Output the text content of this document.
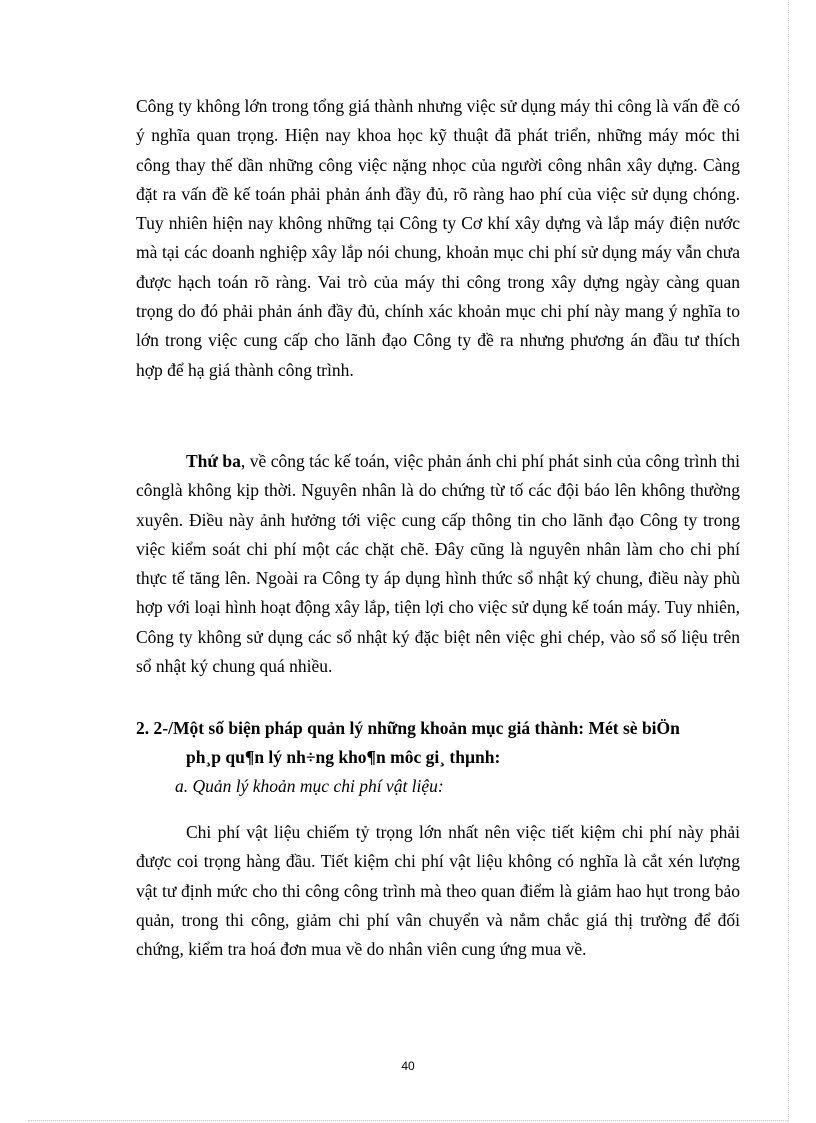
Công ty không lớn trong tổng giá thành nhưng việc sử dụng máy thi công là vấn đề có ý nghĩa quan trọng. Hiện nay khoa học kỹ thuật đã phát triển, những máy móc thi công thay thế dần những công việc nặng nhọc của người công nhân xây dựng. Càng đặt ra vấn đề kế toán phải phản ánh đầy đủ, rõ ràng hao phí của việc sử dụng chóng. Tuy nhiên hiện nay không những tại Công ty Cơ khí xây dựng và lắp máy điện nước mà tại các doanh nghiệp xây lắp nói chung, khoản mục chi phí sử dụng máy vẫn chưa được hạch toán rõ ràng. Vai trò của máy thi công trong xây dựng ngày càng quan trọng do đó phải phản ánh đầy đủ, chính xác khoản mục chi phí này mang ý nghĩa to lớn trong việc cung cấp cho lãnh đạo Công ty đề ra nhưng phương án đầu tư thích hợp để hạ giá thành công trình.

Thứ ba, về công tác kế toán, việc phản ánh chi phí phát sinh của công trình thi cônglà không kịp thời. Nguyên nhân là do chứng từ tố các đội báo lên không thường xuyên. Điều này ảnh hưởng tới việc cung cấp thông tin cho lãnh đạo Công ty trong việc kiểm soát chi phí một các chặt chẽ. Đây cũng là nguyên nhân làm cho chi phí thực tế tăng lên. Ngoài ra Công ty áp dụng hình thức sổ nhật ký chung, điều này phù hợp với loại hình hoạt động xây lắp, tiện lợi cho việc sử dụng kế toán máy. Tuy nhiên, Công ty không sử dụng các sổ nhật ký đặc biệt nên việc ghi chép, vào sổ số liệu trên sổ nhật ký chung quá nhiều.

2. 2-/Một số biện pháp quản lý những khoản mục giá thành: Mét sè biÖn
ph¸p qu¶n lý nh÷ng kho¶n môc gi¸ thµnh:
a. Quản lý khoản mục chi phí vật liệu:

Chi phí vật liệu chiếm tỷ trọng lớn nhất nên việc tiết kiệm chi phí này phải được coi trọng hàng đầu. Tiết kiệm chi phí vật liệu không có nghĩa là cắt xén lượng vật tư định mức cho thi công công trình mà theo quan điểm là giảm hao hụt trong bảo quản, trong thi công, giảm chi phí vân chuyển và nắm chắc giá thị trường để đối chứng, kiểm tra hoá đơn mua về do nhân viên cung ứng mua về.

40
